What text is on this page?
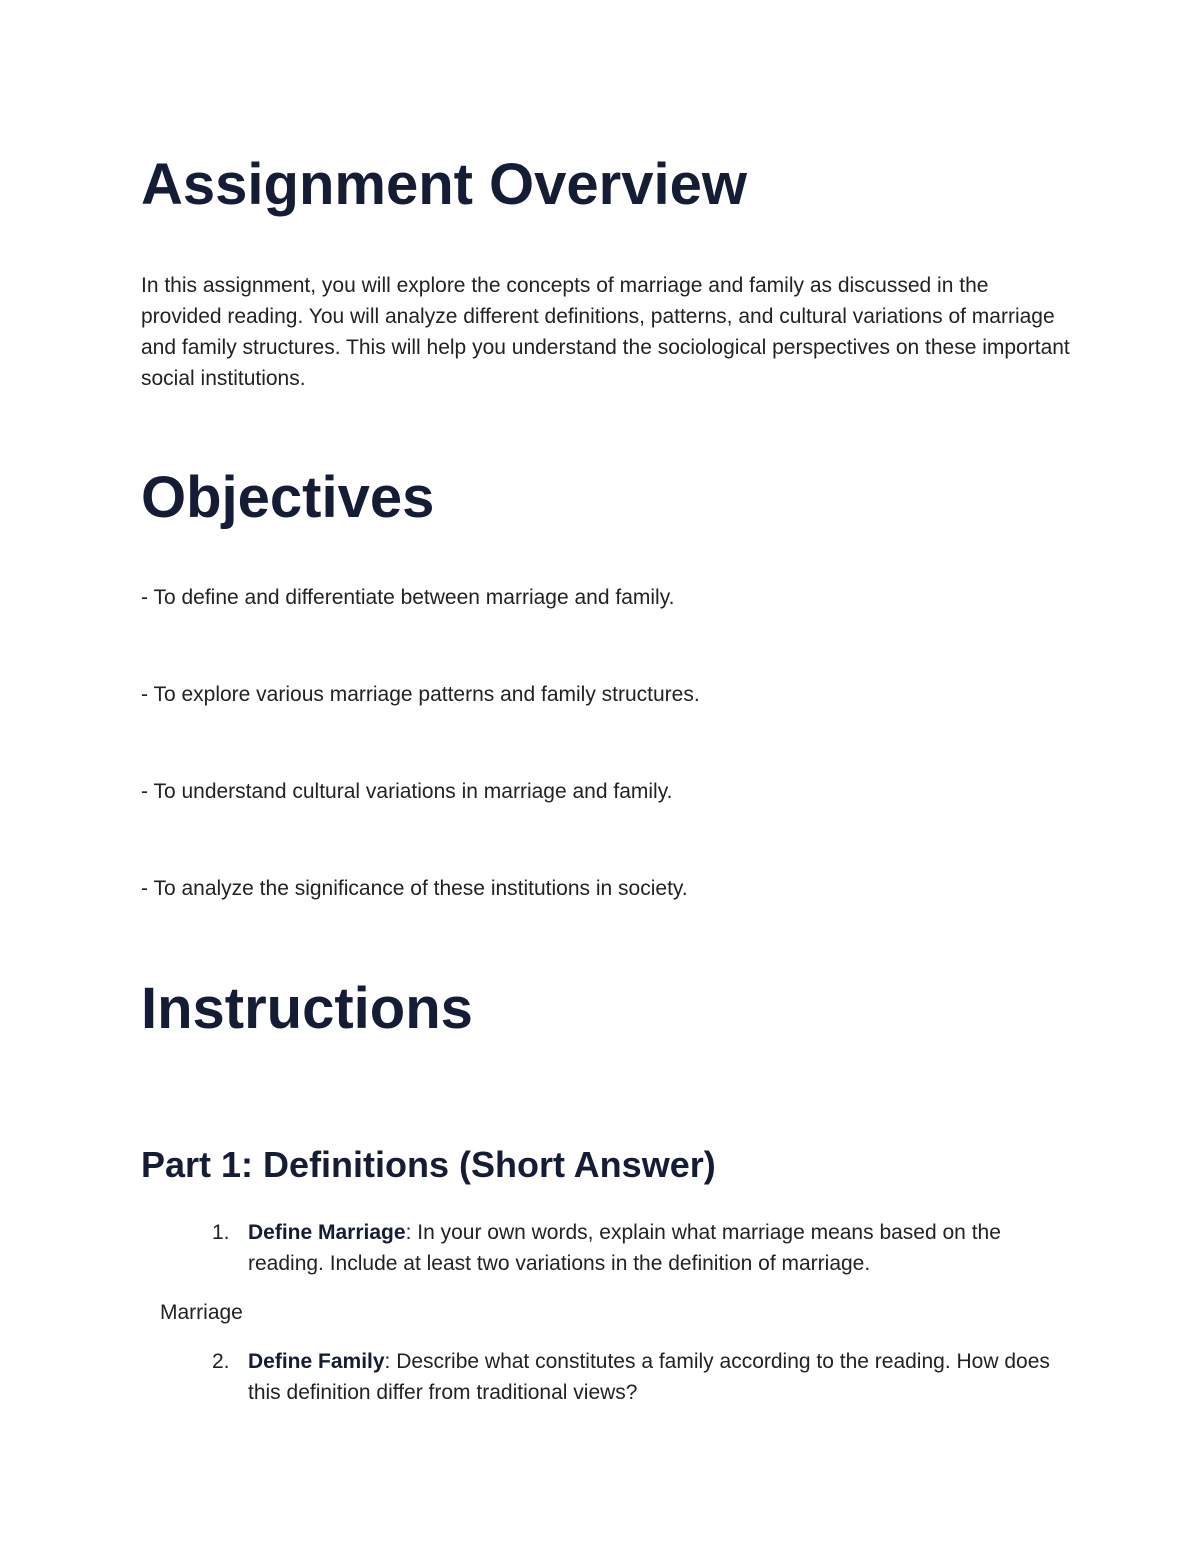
Assignment Overview

In this assignment, you will explore the concepts of marriage and family as discussed in the provided reading. You will analyze different definitions, patterns, and cultural variations of marriage and family structures. This will help you understand the sociological perspectives on these important social institutions.

Objectives

- To define and differentiate between marriage and family.

- To explore various marriage patterns and family structures.

- To understand cultural variations in marriage and family.

- To analyze the significance of these institutions in society.

Instructions
Part 1: Definitions (Short Answer)
1. Define Marriage: In your own words, explain what marriage means based on the reading. Include at least two variations in the definition of marriage.
Marriage
2. Define Family: Describe what constitutes a family according to the reading. How does this definition differ from traditional views?
